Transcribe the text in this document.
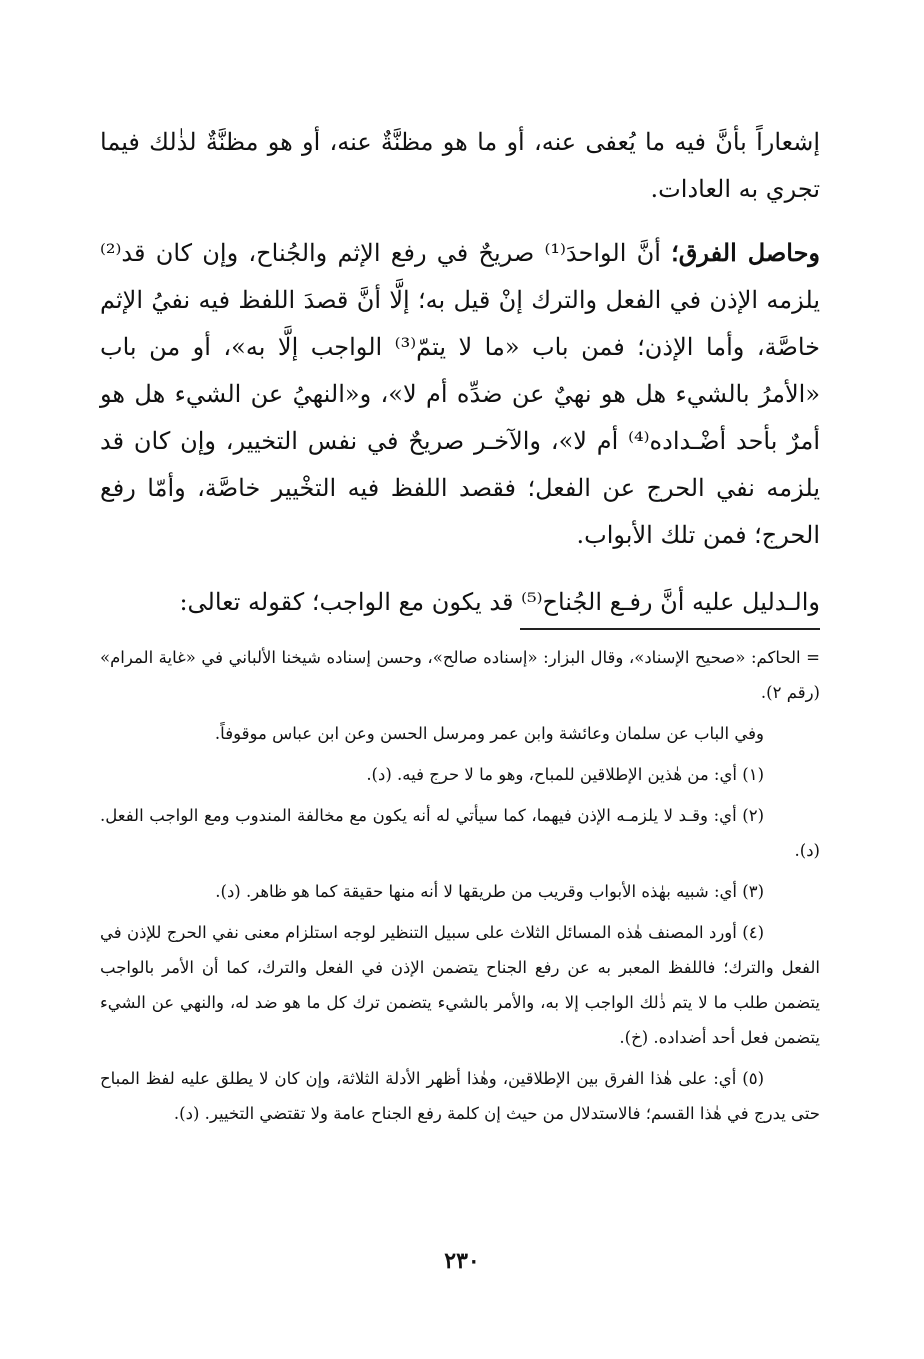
إشعاراً بأنَّ فيه ما يُعفى عنه، أو ما هو مظنَّةٌ عنه، أو هو مظنَّةٌ لذٰلك فيما تجري به العادات.

وحاصل الفرق؛ أنَّ الواحدَ⁽¹⁾ صريحٌ في رفع الإثم والجُناح، وإن كان قد⁽²⁾ يلزمه الإذن في الفعل والترك إنْ قيل به؛ إلَّا أنَّ قصدَ اللفظ فيه نفيُ الإثم خاصَّة، وأما الإذن؛ فمن باب «ما لا يتمّ⁽³⁾ الواجب إلَّا به»، أو من باب «الأمرُ بالشيء هل هو نهيٌ عن ضدِّه أم لا»، و«النهيُ عن الشيء هل هو أمرٌ بأحد أضْـداده⁽⁴⁾ أم لا»، والآخـر صريحٌ في نفس التخيير، وإن كان قد يلزمه نفي الحرج عن الفعل؛ فقصد اللفظ فيه التخْيير خاصَّة، وأمّا رفع الحرج؛ فمن تلك الأبواب.

والـدليل عليه أنَّ رفـع الجُناح⁽⁵⁾ قد يكون مع الواجب؛ كقوله تعالى:

= الحاكم: «صحيح الإسناد»، وقال البزار: «إسناده صالح»، وحسن إسناده شيخنا الألباني في «غاية المرام» (رقم ٢).

وفي الباب عن سلمان وعائشة وابن عمر ومرسل الحسن وعن ابن عباس موقوفاً.

(١) أي: من هٰذين الإطلاقين للمباح، وهو ما لا حرج فيه. (د).

(٢) أي: وقـد لا يلزمـه الإذن فيهما، كما سيأتي له أنه يكون مع مخالفة المندوب ومع الواجب الفعل. (د).

(٣) أي: شبيه بهٰذه الأبواب وقريب من طريقها لا أنه منها حقيقة كما هو ظاهر. (د).

(٤) أورد المصنف هٰذه المسائل الثلاث على سبيل التنظير لوجه استلزام معنى نفي الحرج للإذن في الفعل والترك؛ فاللفظ المعبر به عن رفع الجناح يتضمن الإذن في الفعل والترك، كما أن الأمر بالواجب يتضمن طلب ما لا يتم ذٰلك الواجب إلا به، والأمر بالشيء يتضمن ترك كل ما هو ضد له، والنهي عن الشيء يتضمن فعل أحد أضداده. (خ).

(٥) أي: على هٰذا الفرق بين الإطلاقين، وهٰذا أظهر الأدلة الثلاثة، وإن كان لا يطلق عليه لفظ المباح حتى يدرج في هٰذا القسم؛ فالاستدلال من حيث إن كلمة رفع الجناح عامة ولا تقتضي التخيير. (د).

٢٣٠
